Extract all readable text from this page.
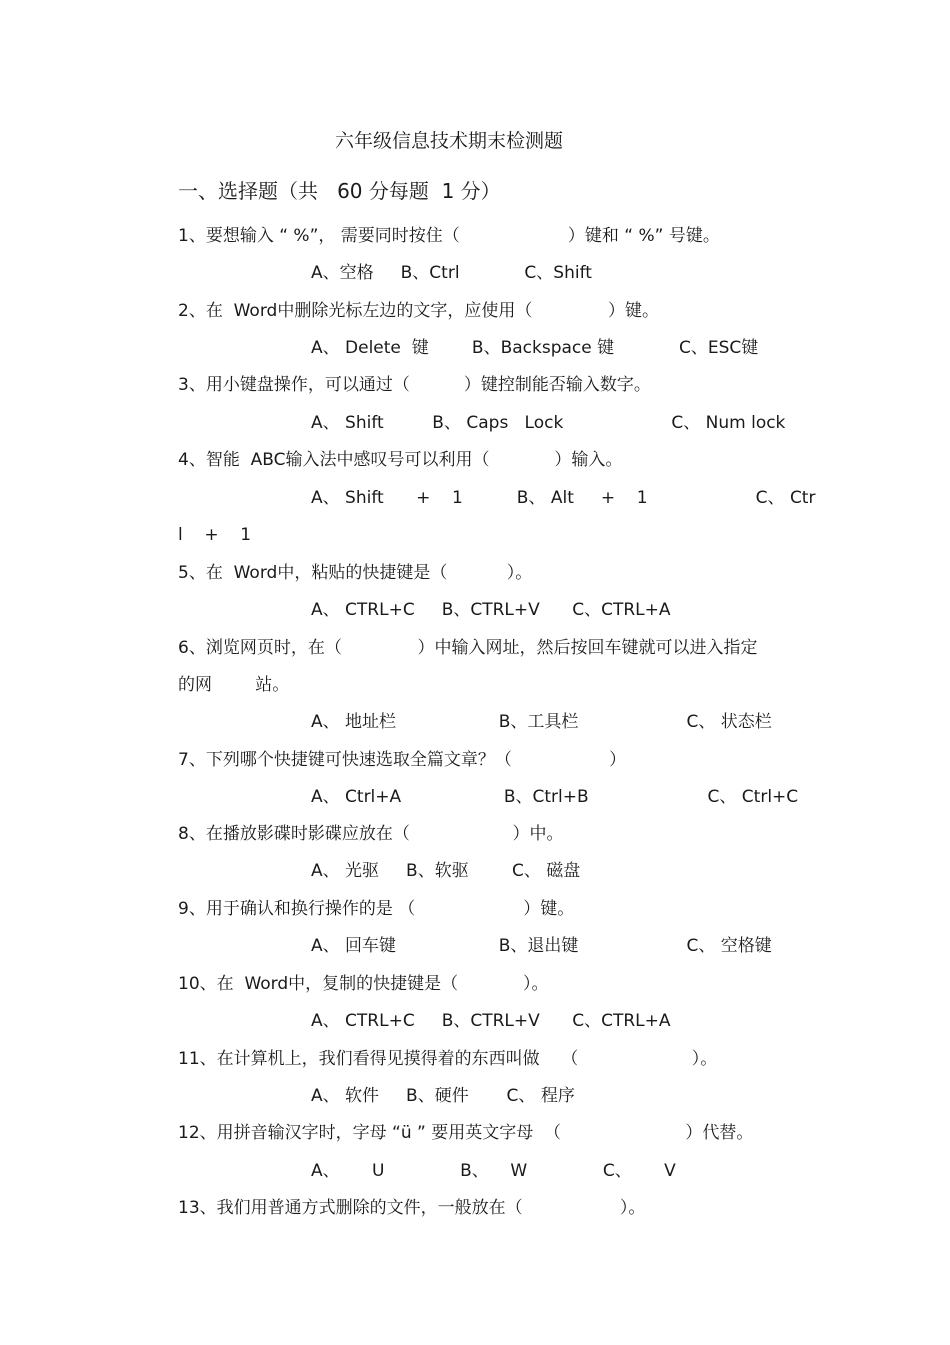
六年级信息技术期末检测题
一、选择题（共   60 分每题  1 分）
1、要想输入 “ %”， 需要同时按住（                    ）键和 “ %” 号键。
A、空格     B、Ctrl            C、Shift
2、在  Word中删除光标左边的文字，应使用（              ）键。
A、 Delete  键        B、Backspace 键            C、ESC键
3、用小键盘操作，可以通过（          ）键控制能否输入数字。
A、 Shift         B、 Caps   Lock                    C、 Num lock
4、智能  ABC输入法中感叹号可以利用（            ）输入。
A、 Shift      +    1          B、 Alt     +    1                    C、 Ctr
l    +    1
5、在  Word中，粘贴的快捷键是（           ）。
A、 CTRL+C     B、CTRL+V      C、CTRL+A
6、浏览网页时，在（              ）中输入网址，然后按回车键就可以进入指定
的网        站。
A、 地址栏                   B、工具栏                    C、 状态栏
7、下列哪个快捷键可快速选取全篇文章？（                  ）
A、 Ctrl+A                   B、Ctrl+B                      C、 Ctrl+C
8、在播放影碟时影碟应放在（                   ）中。
A、 光驱     B、软驱        C、 磁盘
9、用于确认和换行操作的是 （                    ）键。
A、 回车键                   B、退出键                    C、 空格键
10、在  Word中，复制的快捷键是（            ）。
A、 CTRL+C     B、CTRL+V      C、CTRL+A
11、在计算机上，我们看得见摸得着的东西叫做    （                     ）。
A、 软件     B、硬件       C、 程序
12、用拼音输汉字时，字母 “ü ” 要用英文字母  （                       ）代替。
A、      U              B、    W              C、      V
13、我们用普通方式删除的文件，一般放在（                  ）。
